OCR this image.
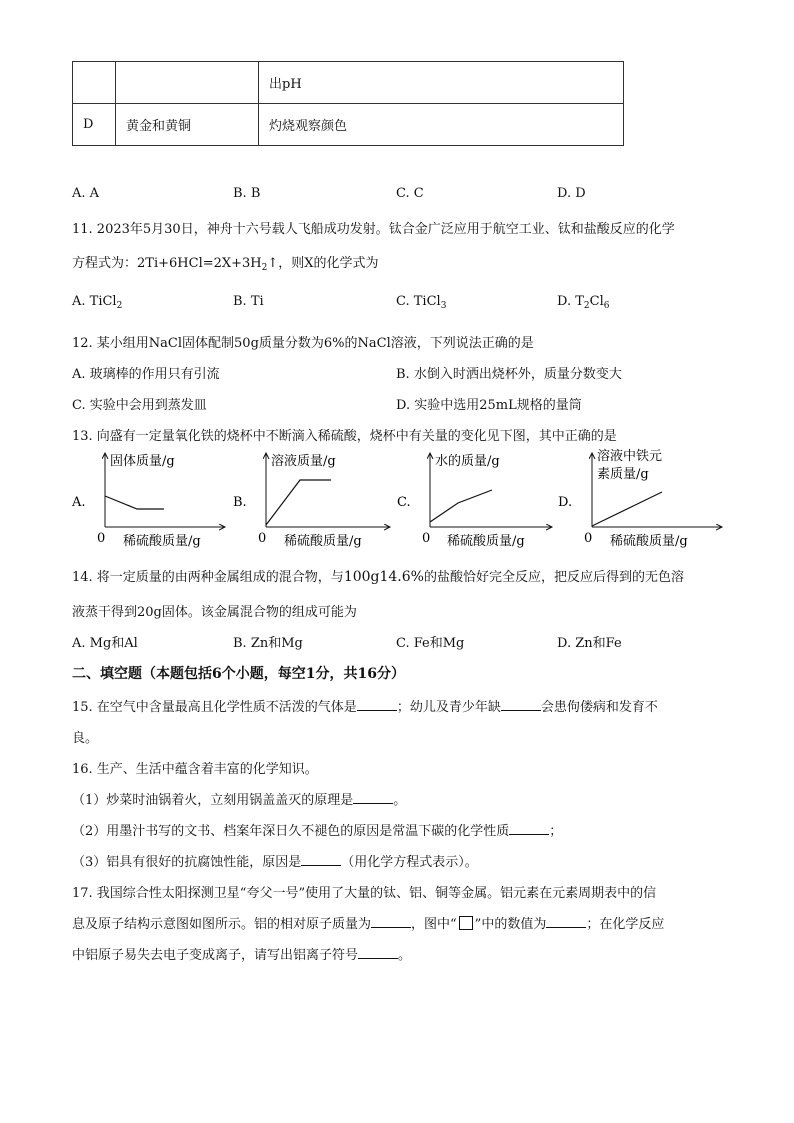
		出pH
D	黄金和黄铜	灼烧观察颜色
A. A	B. B	C. C	D. D
11. 2023年5月30日，神舟十六号载人飞船成功发射。钛合金广泛应用于航空工业、钛和盐酸反应的化学
方程式为：$2Ti+6HCl=2X+3H_2↑$，则X的化学式为
A. TiCl$_2$	B. Ti	C. TiCl$_3$	D. $T_2Cl_6$
12. 某小组用NaCl固体配制50g质量分数为6%的NaCl溶液，下列说法正确的是
A. 玻璃棒的作用只有引流	B. 水倒入时洒出烧杯外，质量分数变大
C. 实验中会用到蒸发皿	D. 实验中选用25mL规格的量筒
13. 向盛有一定量氧化铁的烧杯中不断滴入稀硫酸，烧杯中有关量的变化见下图，其中正确的是
A.
固体质量/g
0 稀硫酸质量/g
B.
溶液质量/g
0 稀硫酸质量/g
C.
水的质量/g
0 稀硫酸质量/g
D.
溶液中铁元
素质量/g
0 稀硫酸质量/g
14. 将一定质量的由两种金属组成的混合物，与100g14.6%的盐酸恰好完全反应，把反应后得到的无色溶
液蒸干得到20g固体。该金属混合物的组成可能为
A. Mg和Al	B. Zn和Mg	C. Fe和Mg	D. Zn和Fe
二、填空题（本题包括6个小题，每空1分，共16分）
15. 在空气中含量最高且化学性质不活泼的气体是	；幼儿及青少年缺	会患佝偻病和发育不
良。
16. 生产、生活中蕴含着丰富的化学知识。
（1）炒菜时油锅着火，立刻用锅盖盖灭的原理是	。
（2）用墨汁书写的文书、档案年深日久不褪色的原因是常温下碳的化学性质	；
（3）铝具有很好的抗腐蚀性能，原因是	（用化学方程式表示）。
17. 我国综合性太阳探测卫星“夸父一号”使用了大量的钛、铝、铜等金属。铝元素在元素周期表中的信
息及原子结构示意图如图所示。铝的相对原子质量为	，图中“ ”中的数值为	；在化学反应
中铝原子易失去电子变成离子，请写出铝离子符号	。
